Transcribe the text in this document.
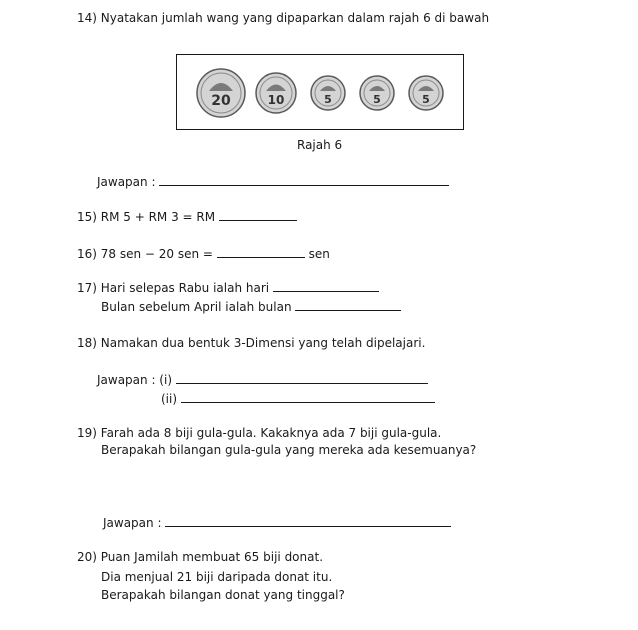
14) Nyatakan jumlah wang yang dipaparkan dalam rajah 6 di bawah
20	10	5	5	5
Rajah 6
Jawapan :
15) RM 5 + RM 3 = RM
16) 78 sen − 20 sen =	sen
17) Hari selepas Rabu ialah hari
Bulan sebelum April ialah bulan
18) Namakan dua bentuk 3-Dimensi yang telah dipelajari.
Jawapan : (i)
(ii)
19) Farah ada 8 biji gula-gula. Kakaknya ada 7 biji gula-gula.
Berapakah bilangan gula-gula yang mereka ada kesemuanya?
Jawapan :
20) Puan Jamilah membuat 65 biji donat.
Dia menjual 21 biji daripada donat itu.
Berapakah bilangan donat yang tinggal?
